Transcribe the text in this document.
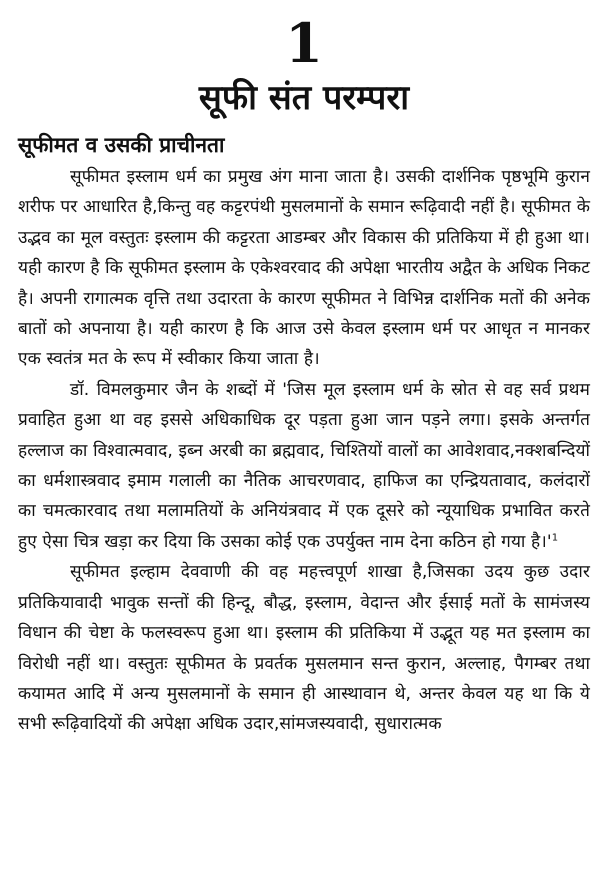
1
सूफी संत परम्परा
सूफीमत व उसकी प्राचीनता

सूफीमत इस्लाम धर्म का प्रमुख अंग माना जाता है। उसकी दार्शनिक पृष्ठभूमि कुरान शरीफ पर आधारित है,किन्तु वह कट्टरपंथी मुसलमानों के समान रूढ़िवादी नहीं है। सूफीमत के उद्भव का मूल वस्तुतः इस्लाम की कट्टरता आडम्बर और विकास की प्रतिकिया में ही हुआ था। यही कारण है कि सूफीमत इस्लाम के एकेश्वरवाद की अपेक्षा भारतीय अद्वैत के अधिक निकट है। अपनी रागात्मक वृत्ति तथा उदारता के कारण सूफीमत ने विभिन्न दार्शनिक मतों की अनेक बातों को अपनाया है। यही कारण है कि आज उसे केवल इस्लाम धर्म पर आधृत न मानकर एक स्वतंत्र मत के रूप में स्वीकार किया जाता है।

डॉ. विमलकुमार जैन के शब्दों में 'जिस मूल इस्लाम धर्म के स्रोत से वह सर्व प्रथम प्रवाहित हुआ था वह इससे अधिकाधिक दूर पड़ता हुआ जान पड़ने लगा। इसके अन्तर्गत हल्लाज का विश्वात्मवाद, इब्न अरबी का ब्रह्मवाद, चिश्तियों वालों का आवेशवाद,नक्शबन्दियों का धर्मशास्त्रवाद इमाम गलाली का नैतिक आचरणवाद, हाफिज का एन्द्रियतावाद, कलंदारों का चमत्कारवाद तथा मलामतियों के अनियंत्रवाद में एक दूसरे को न्यूयाधिक प्रभावित करते हुए ऐसा चित्र खड़ा कर दिया कि उसका कोई एक उपर्युक्त नाम देना कठिन हो गया है।'$^1$

सूफीमत इल्हाम देववाणी की वह महत्त्वपूर्ण शाखा है,जिसका उदय कुछ उदार प्रतिकियावादी भावुक सन्तों की हिन्दू, बौद्ध, इस्लाम, वेदान्त और ईसाई मतों के सामंजस्य विधान की चेष्टा के फलस्वरूप हुआ था। इस्लाम की प्रतिकिया में उद्भूत यह मत इस्लाम का विरोधी नहीं था। वस्तुतः सूफीमत के प्रवर्तक मुसलमान सन्त कुरान, अल्लाह, पैगम्बर तथा कयामत आदि में अन्य मुसलमानों के समान ही आस्थावान थे, अन्तर केवल यह था कि ये सभी रूढ़िवादियों की अपेक्षा अधिक उदार,सांमजस्यवादी, सुधारात्मक
